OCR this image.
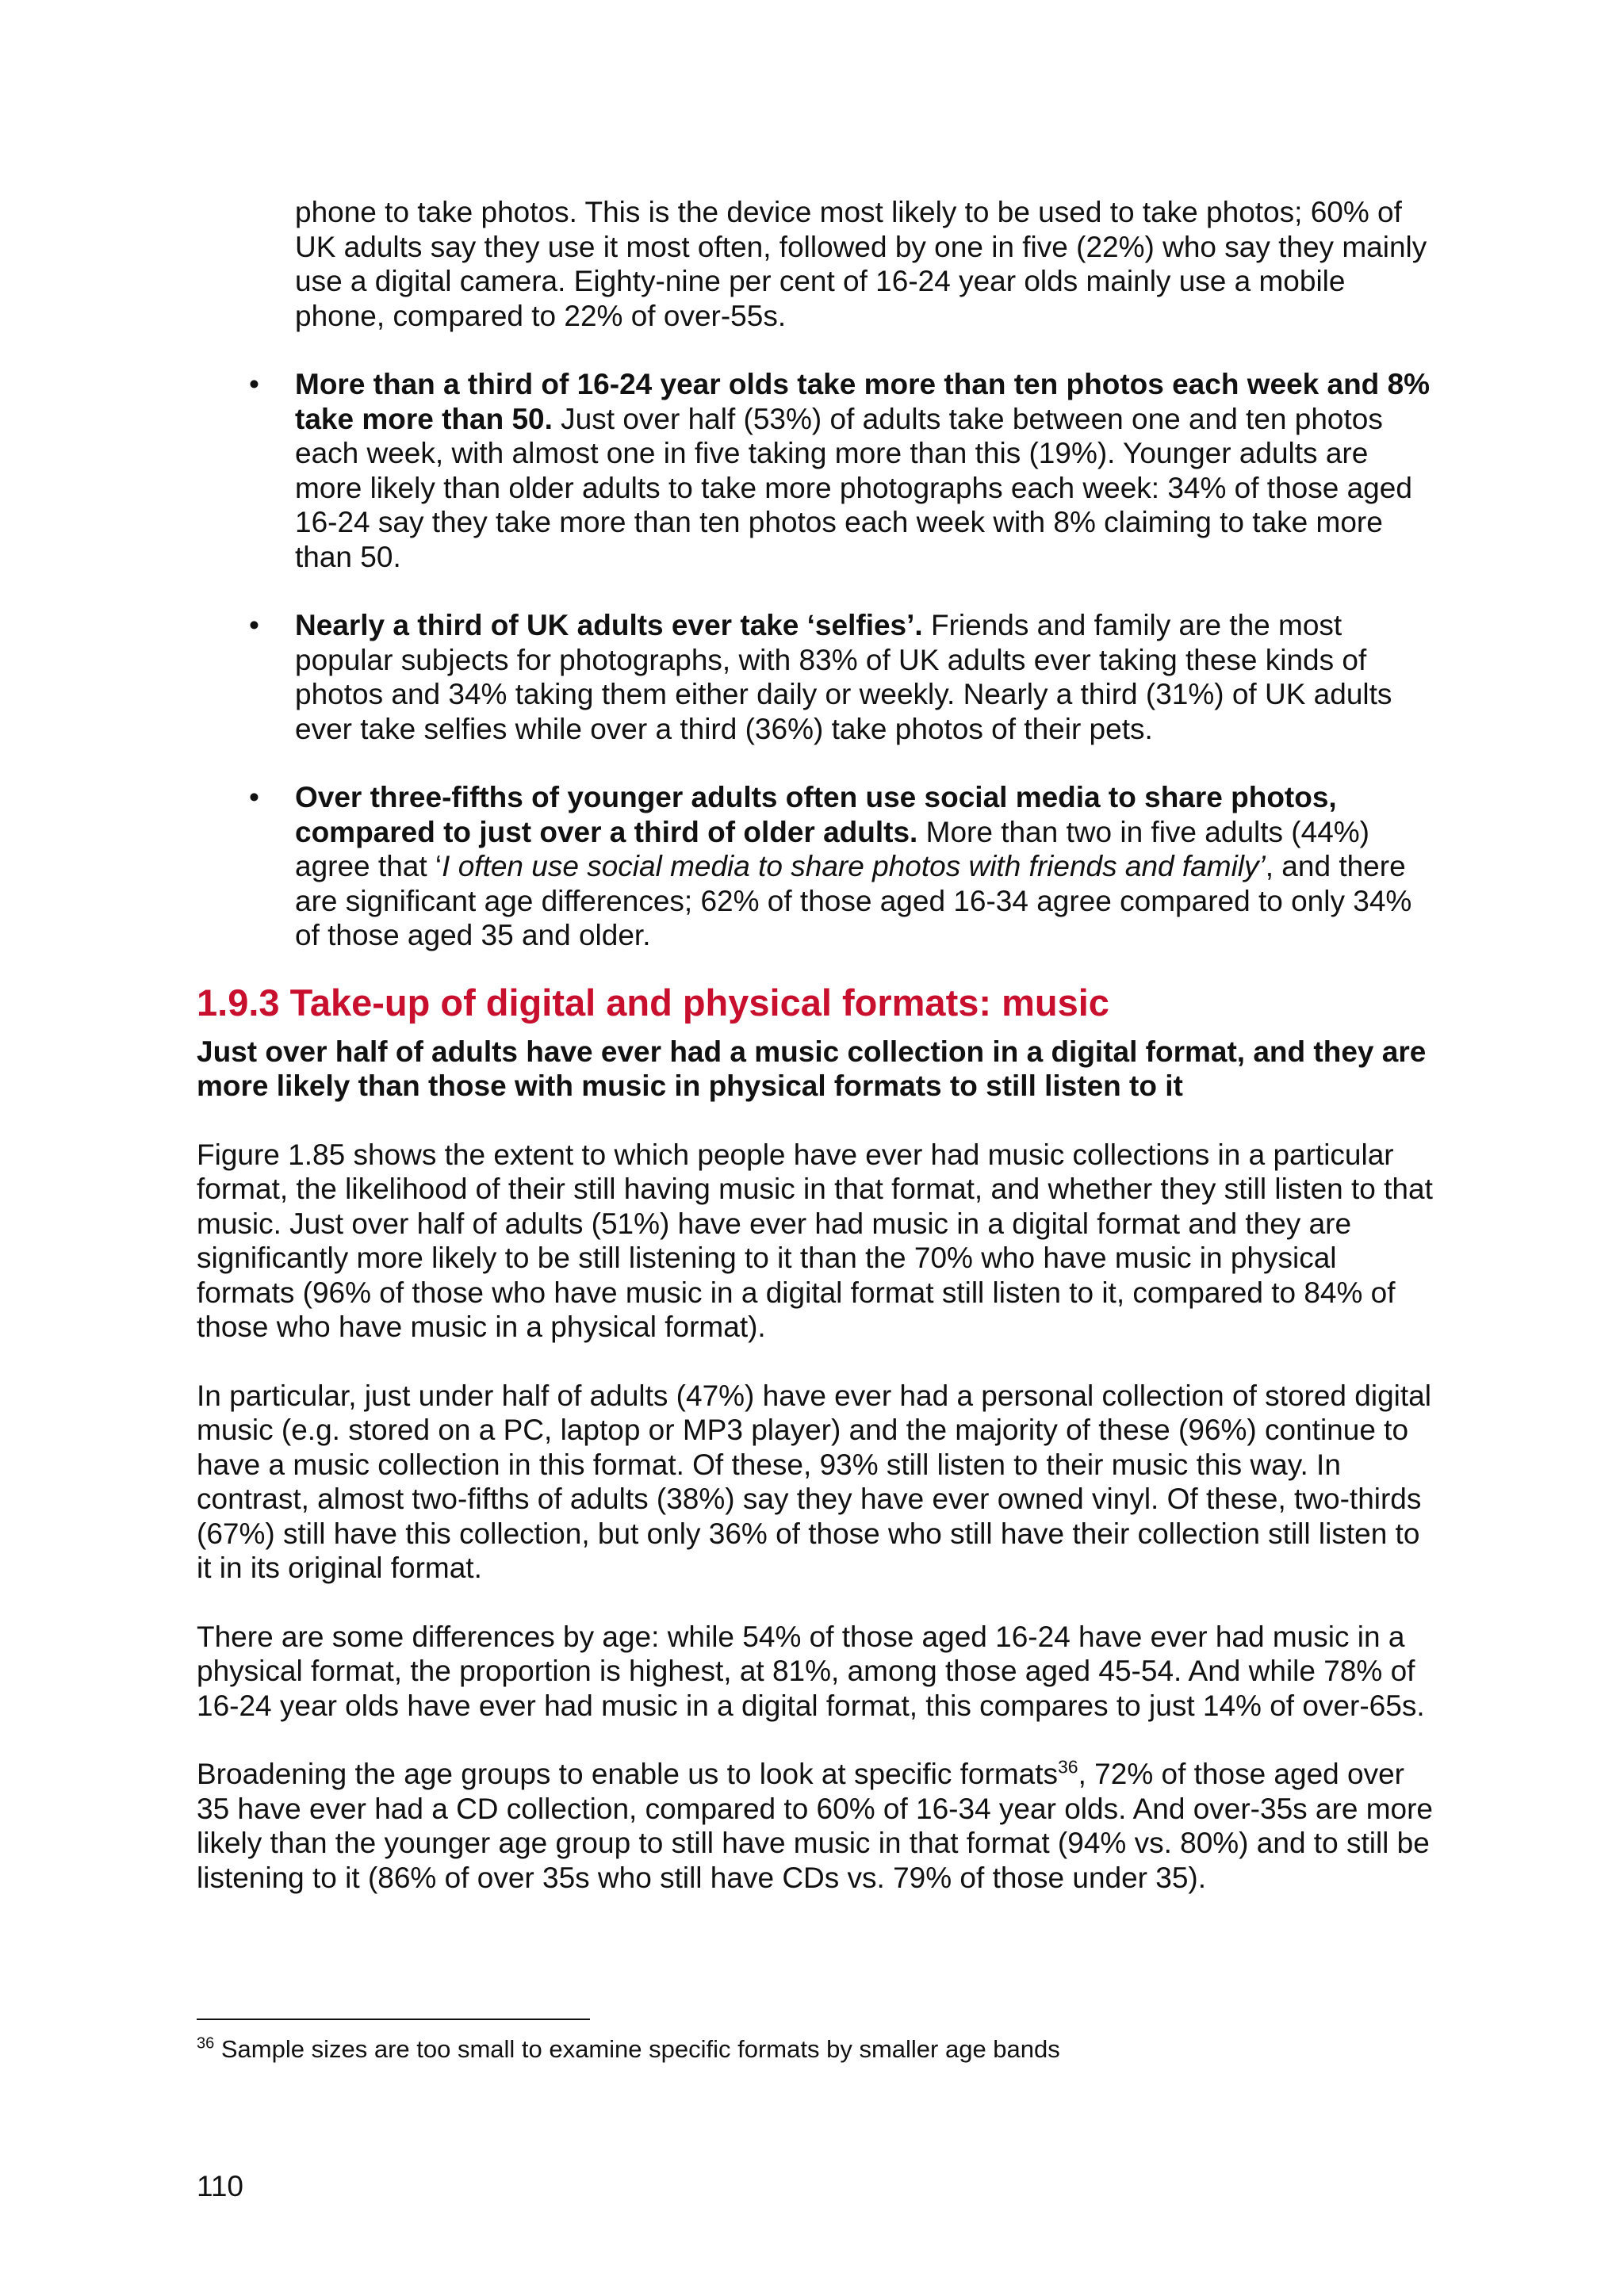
phone to take photos. This is the device most likely to be used to take photos; 60% of UK adults say they use it most often, followed by one in five (22%) who say they mainly use a digital camera. Eighty-nine per cent of 16-24 year olds mainly use a mobile phone, compared to 22% of over-55s.

• More than a third of 16-24 year olds take more than ten photos each week and 8% take more than 50. Just over half (53%) of adults take between one and ten photos each week, with almost one in five taking more than this (19%). Younger adults are more likely than older adults to take more photographs each week: 34% of those aged 16-24 say they take more than ten photos each week with 8% claiming to take more than 50.
• Nearly a third of UK adults ever take ‘selfies’. Friends and family are the most popular subjects for photographs, with 83% of UK adults ever taking these kinds of photos and 34% taking them either daily or weekly. Nearly a third (31%) of UK adults ever take selfies while over a third (36%) take photos of their pets.
• Over three-fifths of younger adults often use social media to share photos, compared to just over a third of older adults. More than two in five adults (44%) agree that ‘I often use social media to share photos with friends and family’, and there are significant age differences; 62% of those aged 16-34 agree compared to only 34% of those aged 35 and older.
1.9.3 Take-up of digital and physical formats: music

Just over half of adults have ever had a music collection in a digital format, and they are more likely than those with music in physical formats to still listen to it

Figure 1.85 shows the extent to which people have ever had music collections in a particular format, the likelihood of their still having music in that format, and whether they still listen to that music. Just over half of adults (51%) have ever had music in a digital format and they are significantly more likely to be still listening to it than the 70% who have music in physical formats (96% of those who have music in a digital format still listen to it, compared to 84% of those who have music in a physical format).

In particular, just under half of adults (47%) have ever had a personal collection of stored digital music (e.g. stored on a PC, laptop or MP3 player) and the majority of these (96%) continue to have a music collection in this format. Of these, 93% still listen to their music this way. In contrast, almost two-fifths of adults (38%) say they have ever owned vinyl. Of these, two-thirds (67%) still have this collection, but only 36% of those who still have their collection still listen to it in its original format.

There are some differences by age: while 54% of those aged 16-24 have ever had music in a physical format, the proportion is highest, at 81%, among those aged 45-54. And while 78% of 16-24 year olds have ever had music in a digital format, this compares to just 14% of over-65s.

Broadening the age groups to enable us to look at specific formats$^{36}$, 72% of those aged over 35 have ever had a CD collection, compared to 60% of 16-34 year olds. And over-35s are more likely than the younger age group to still have music in that format (94% vs. 80%) and to still be listening to it (86% of over 35s who still have CDs vs. 79% of those under 35).

$^{36}$ Sample sizes are too small to examine specific formats by smaller age bands
110
